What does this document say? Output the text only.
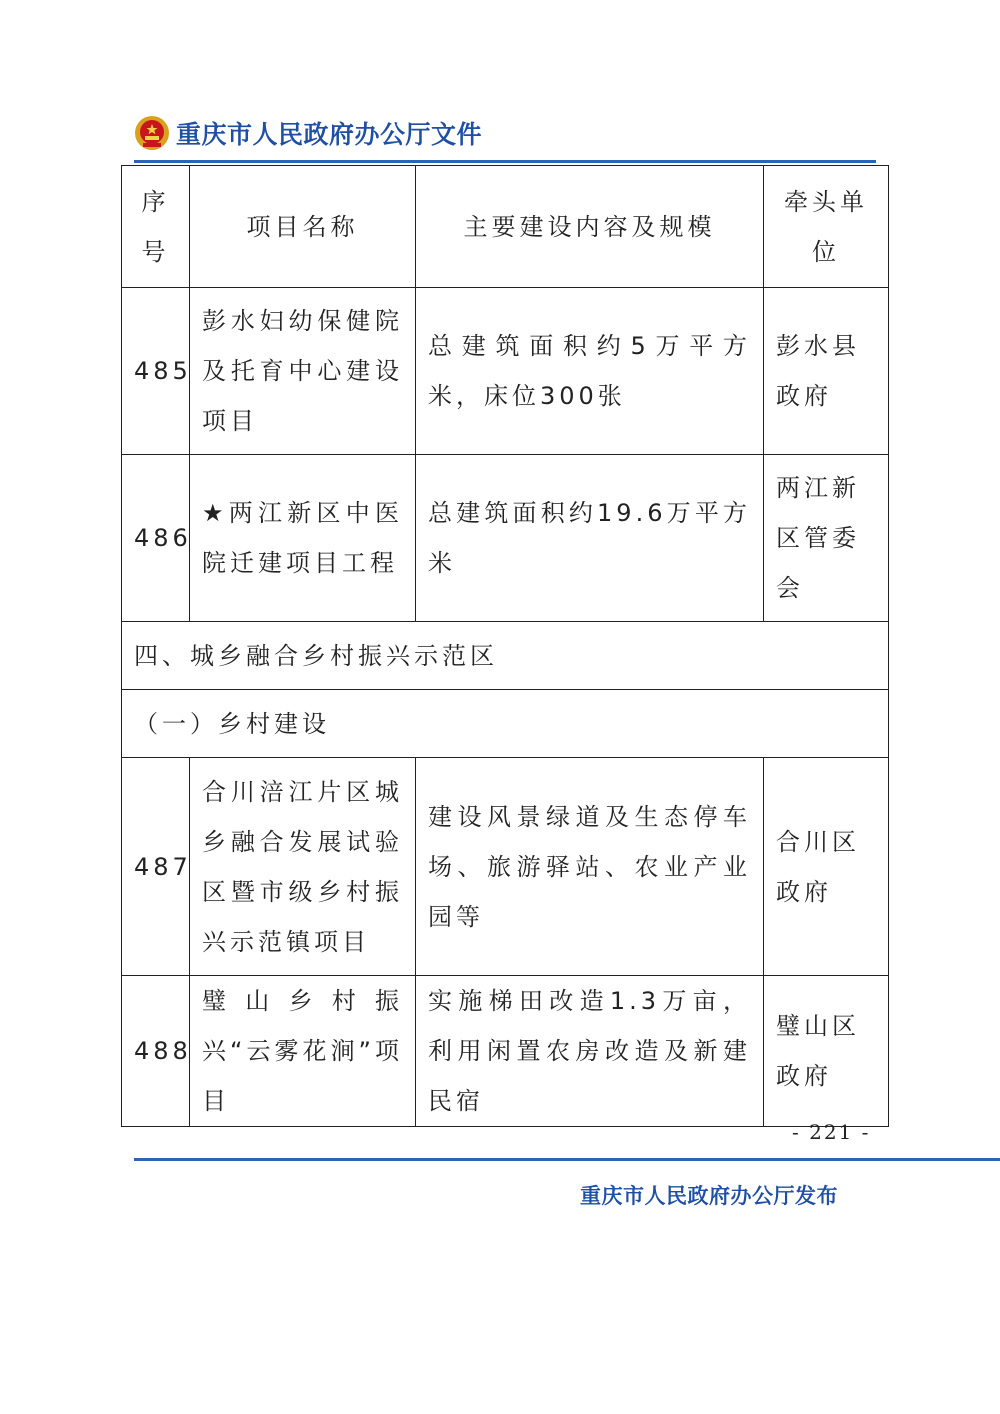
重庆市人民政府办公厅文件
序号	项目名称	主要建设内容及规模	牵头单
位

485	彭水妇幼保健院及托育中心建设项目	总建筑面积约5万平方米，床位300张	彭水县
政府

486	★两江新区中医院迁建项目工程	总建筑面积约19.6万平方米	两江新
区管委
会

四、城乡融合乡村振兴示范区			
（一）乡村建设			
487	合川涪江片区城乡融合发展试验区暨市级乡村振兴示范镇项目	建设风景绿道及生态停车场、旅游驿站、农业产业园等	合川区
政府

488	璧山乡村振兴“云雾花涧”项目	实施梯田改造1.3万亩，利用闲置农房改造及新建民宿	璧山区
政府
- 221 -
重庆市人民政府办公厅发布
